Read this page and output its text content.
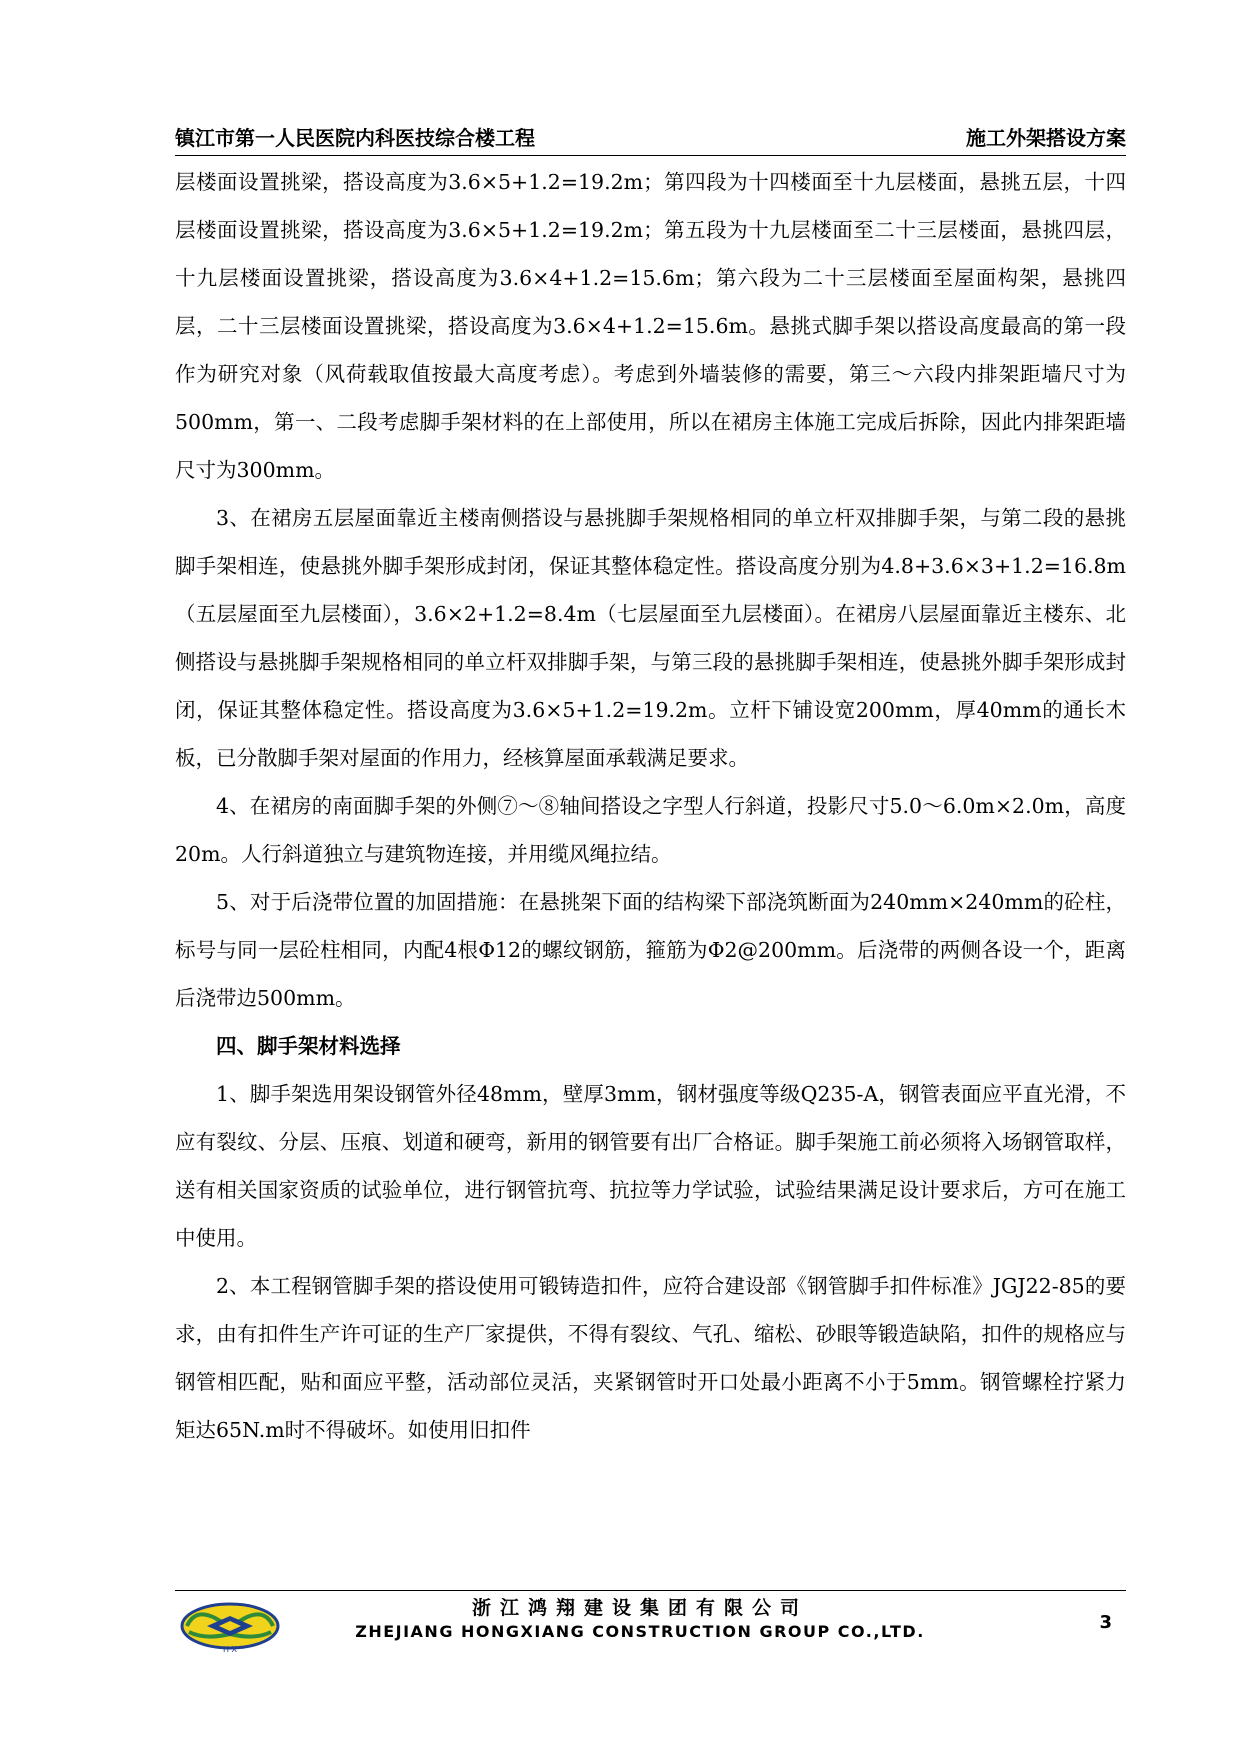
镇江市第一人民医院内科医技综合楼工程	施工外架搭设方案

层楼面设置挑梁，搭设高度为3.6×5+1.2=19.2m；第四段为十四楼面至十九层楼面，悬挑五层，十四层楼面设置挑梁，搭设高度为3.6×5+1.2=19.2m；第五段为十九层楼面至二十三层楼面，悬挑四层，十九层楼面设置挑梁，搭设高度为3.6×4+1.2=15.6m；第六段为二十三层楼面至屋面构架，悬挑四层，二十三层楼面设置挑梁，搭设高度为3.6×4+1.2=15.6m。悬挑式脚手架以搭设高度最高的第一段作为研究对象（风荷载取值按最大高度考虑）。考虑到外墙装修的需要，第三～六段内排架距墙尺寸为500mm，第一、二段考虑脚手架材料的在上部使用，所以在裙房主体施工完成后拆除，因此内排架距墙尺寸为300mm。

3、在裙房五层屋面靠近主楼南侧搭设与悬挑脚手架规格相同的单立杆双排脚手架，与第二段的悬挑脚手架相连，使悬挑外脚手架形成封闭，保证其整体稳定性。搭设高度分别为4.8+3.6×3+1.2=16.8m（五层屋面至九层楼面），3.6×2+1.2=8.4m（七层屋面至九层楼面）。在裙房八层屋面靠近主楼东、北侧搭设与悬挑脚手架规格相同的单立杆双排脚手架，与第三段的悬挑脚手架相连，使悬挑外脚手架形成封闭，保证其整体稳定性。搭设高度为3.6×5+1.2=19.2m。立杆下铺设宽200mm，厚40mm的通长木板，已分散脚手架对屋面的作用力，经核算屋面承载满足要求。

4、在裙房的南面脚手架的外侧⑦～⑧轴间搭设之字型人行斜道，投影尺寸5.0～6.0m×2.0m，高度20m。人行斜道独立与建筑物连接，并用缆风绳拉结。

5、对于后浇带位置的加固措施：在悬挑架下面的结构梁下部浇筑断面为240mm×240mm的砼柱，标号与同一层砼柱相同，内配4根Φ12的螺纹钢筋，箍筋为Φ2@200mm。后浇带的两侧各设一个，距离后浇带边500mm。

四、脚手架材料选择

1、脚手架选用架设钢管外径48mm，壁厚3mm，钢材强度等级Q235-A，钢管表面应平直光滑，不应有裂纹、分层、压痕、划道和硬弯，新用的钢管要有出厂合格证。脚手架施工前必须将入场钢管取样，送有相关国家资质的试验单位，进行钢管抗弯、抗拉等力学试验，试验结果满足设计要求后，方可在施工中使用。

2、本工程钢管脚手架的搭设使用可锻铸造扣件，应符合建设部《钢管脚手扣件标准》JGJ22-85的要求，由有扣件生产许可证的生产厂家提供，不得有裂纹、气孔、缩松、砂眼等锻造缺陷，扣件的规格应与钢管相匹配，贴和面应平整，活动部位灵活，夹紧钢管时开口处最小距离不小于5mm。钢管螺栓拧紧力矩达65N.m时不得破坏。如使用旧扣件

H X
浙江鸿翔建设集团有限公司
ZHEJIANG HONGXIANG CONSTRUCTION GROUP CO.,LTD.	3
